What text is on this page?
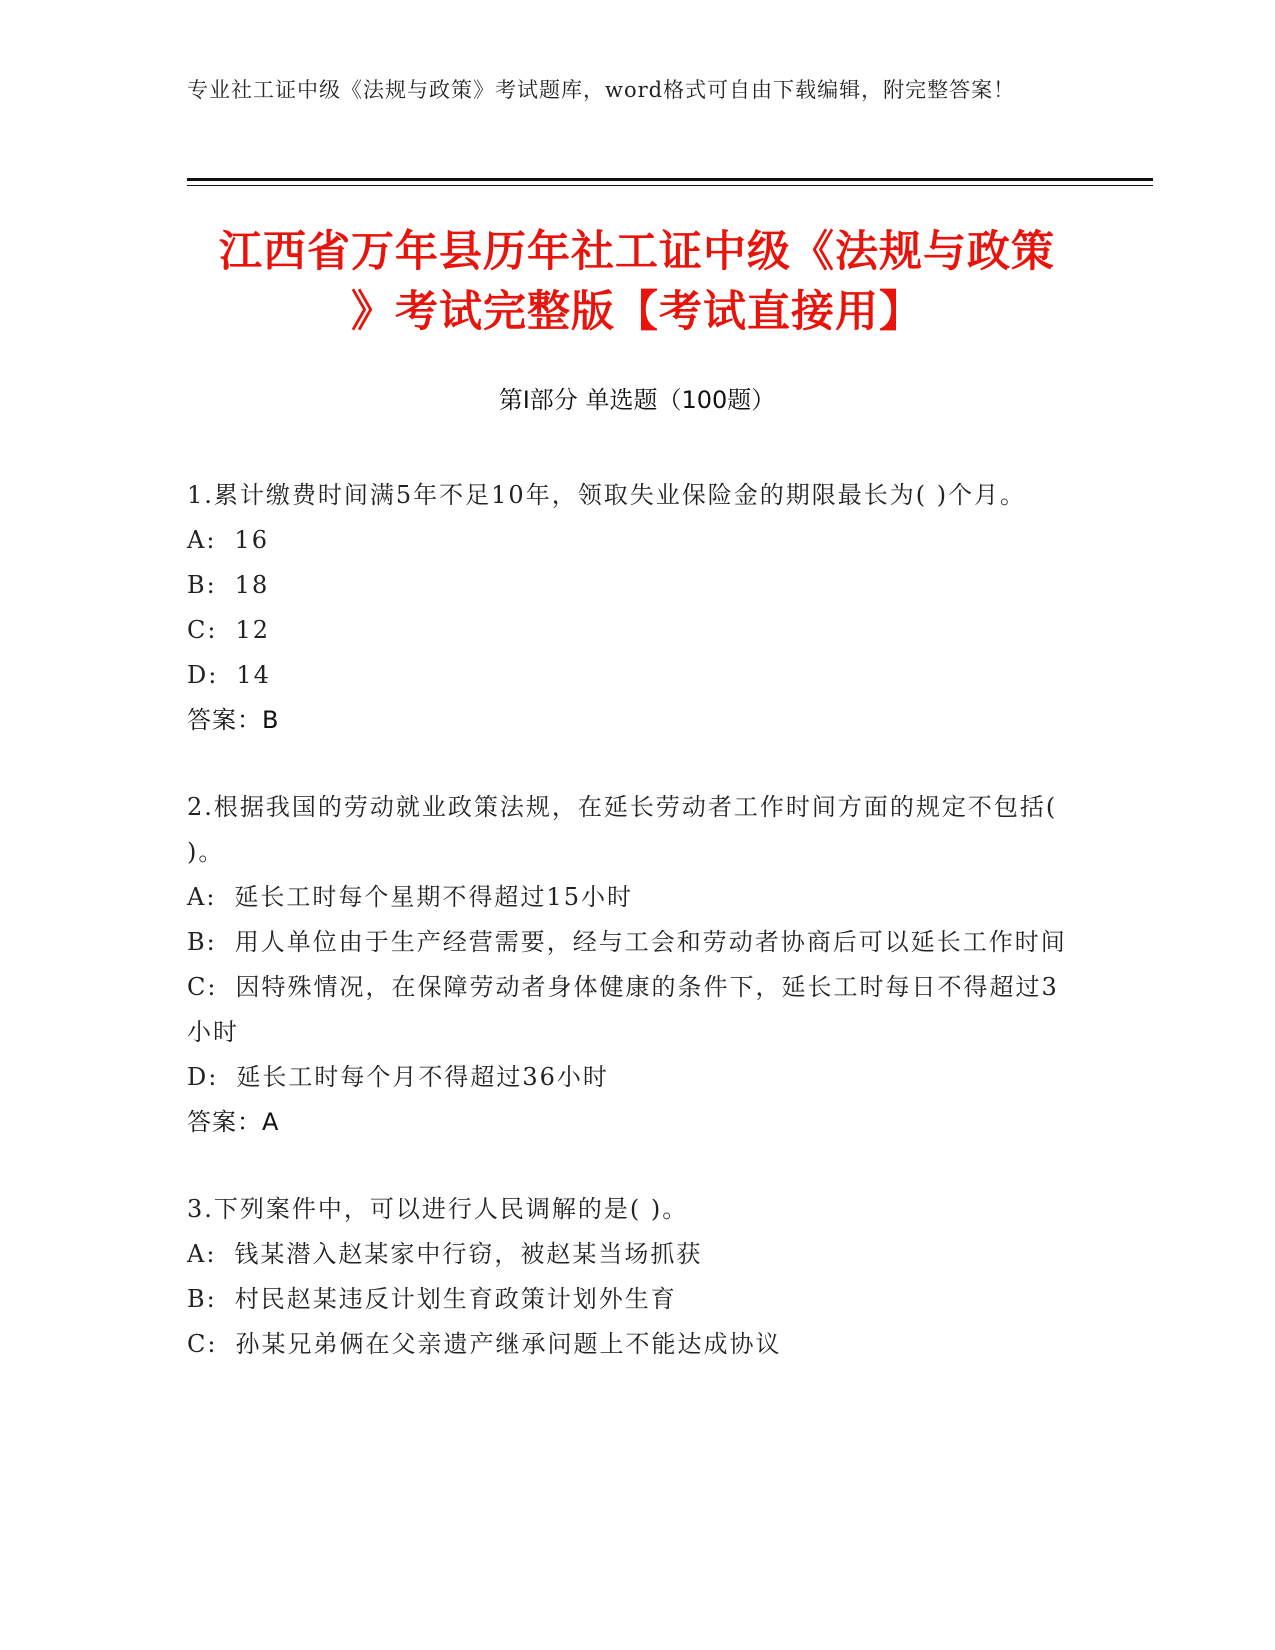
专业社工证中级《法规与政策》考试题库，word格式可自由下载编辑，附完整答案！
江西省万年县历年社工证中级《法规与政策
》考试完整版【考试直接用】
第Ⅰ部分 单选题（100题）
1.累计缴费时间满5年不足10年，领取失业保险金的期限最长为( )个月。
A: 16
B: 18
C: 12
D: 14
答案：B
2.根据我国的劳动就业政策法规，在延长劳动者工作时间方面的规定不包括( )。
A: 延长工时每个星期不得超过15小时
B: 用人单位由于生产经营需要，经与工会和劳动者协商后可以延长工作时间
C: 因特殊情况，在保障劳动者身体健康的条件下，延长工时每日不得超过3小时
D: 延长工时每个月不得超过36小时
答案：A
3.下列案件中，可以进行人民调解的是( )。
A: 钱某潜入赵某家中行窃，被赵某当场抓获
B: 村民赵某违反计划生育政策计划外生育
C: 孙某兄弟俩在父亲遗产继承问题上不能达成协议
